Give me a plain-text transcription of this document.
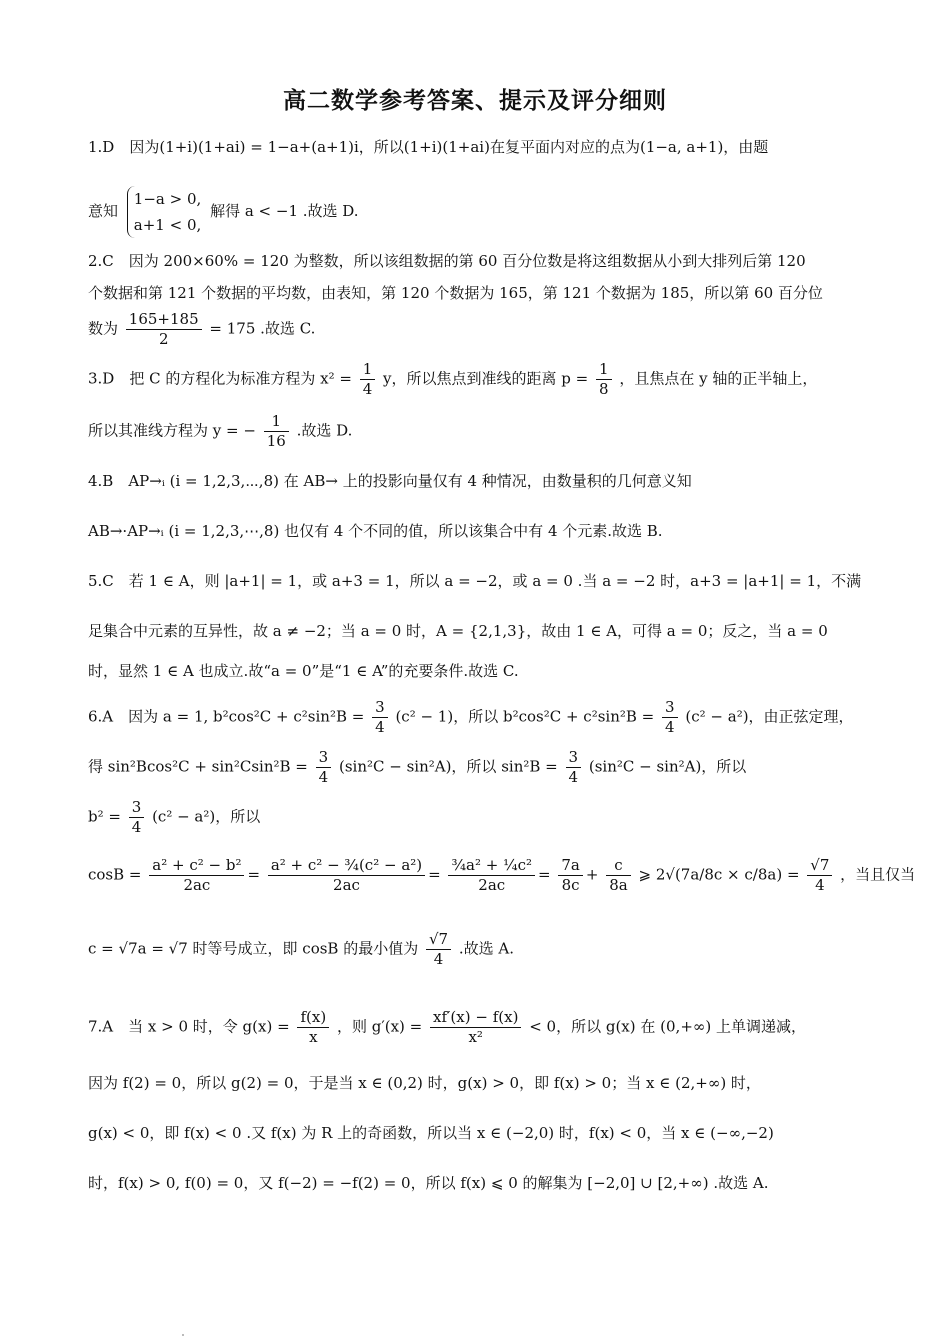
高二数学参考答案、提示及评分细则
1.D　因为(1+i)(1+ai) = 1−a+(a+1)i，所以(1+i)(1+ai)在复平面内对应的点为(1−a, a+1)，由题
意知
1−a > 0,
a+1 < 0,
解得 a < −1 .故选 D.
2.C　因为 200×60% = 120 为整数，所以该组数据的第 60 百分位数是将这组数据从小到大排列后第 120
个数据和第 121 个数据的平均数，由表知，第 120 个数据为 165，第 121 个数据为 185，所以第 60 百分位
数为 $\frac{165+185}{2} = 175$ .故选 C.
3.D　把 C 的方程化为标准方程为 $x^2 = \frac{1}{4}$ y，所以焦点到准线的距离 $p = \frac{1}{8}$ ，且焦点在 y 轴的正半轴上，
所以其准线方程为 y = − $\frac{1}{16}$ .故选 D.
4.B　AP→ᵢ (i = 1,2,3,⋯,8) 在 AB→ 上的投影向量仅有 4 种情况，由数量积的几何意义知
AB→·AP→ᵢ (i = 1,2,3,⋯,8) 也仅有 4 个不同的值，所以该集合中有 4 个元素.故选 B.
5.C　若 1 ∈ A，则 |a+1| = 1，或 a+3 = 1，所以 a = −2，或 a = 0 .当 a = −2 时，a+3 = |a+1| = 1，不满
足集合中元素的互异性，故 a ≠ −2；当 a = 0 时，A = {2,1,3}，故由 1 ∈ A，可得 a = 0；反之，当 a = 0
时，显然 1 ∈ A 也成立.故“a = 0”是“1 ∈ A”的充要条件.故选 C.
6.A　因为 a = 1, $b^2\cos^2C + c^2\sin^2B = \frac{3}{4} (c^2 - 1)$，所以 $b^2\cos^2C + c^2\sin^2B = \frac{3}{4} (c^2 - a^2)$，由正弦定理，
得 $\sin^2Bcos^2C + \sin^2Csin^2B = \frac{3}{4} (\sin^2C - \sin^2A)$，所以 $\sin^2B = \frac{3}{4} (\sin^2C - \sin^2A)$，所以
$b^2 = \frac{3}{4} (c^2 - a^2)$，所以
$\cos B = \frac{\text{a² + c² − b²}}{2ac} = \frac{\text{a² + c² − ¾(c² − a²)}}{2ac} = \frac{\text{¾a² + ¼c²}}{2ac} = \frac{7a}{8c} + \frac{c}{8a}$ ⩾ $2√(7a/8c \times c/8a) = \frac{√7}{4}$ ，当且仅当
c = √7a = √7 时等号成立，即 cosB 的最小值为 $\frac{√7}{4}$ .故选 A.
7.A　当 x > 0 时，令 $g(x) = \frac{f(x)}{x}$ ，则 $g'(x) = \frac{xf'(x) - f(x)}{\text{x²}} < 0$，所以 g(x) 在 (0,+∞) 上单调递减，
因为 f(2) = 0，所以 g(2) = 0，于是当 x ∈ (0,2) 时，g(x) > 0，即 f(x) > 0；当 x ∈ (2,+∞) 时，
g(x) < 0，即 f(x) < 0 .又 f(x) 为 R 上的奇函数，所以当 x ∈ (−2,0) 时，f(x) < 0，当 x ∈ (−∞,−2)
时，f(x) > 0, f(0) = 0，又 f(−2) = −f(2) = 0，所以 f(x) ⩽ 0 的解集为 [−2,0] ∪ [2,+∞) .故选 A.
